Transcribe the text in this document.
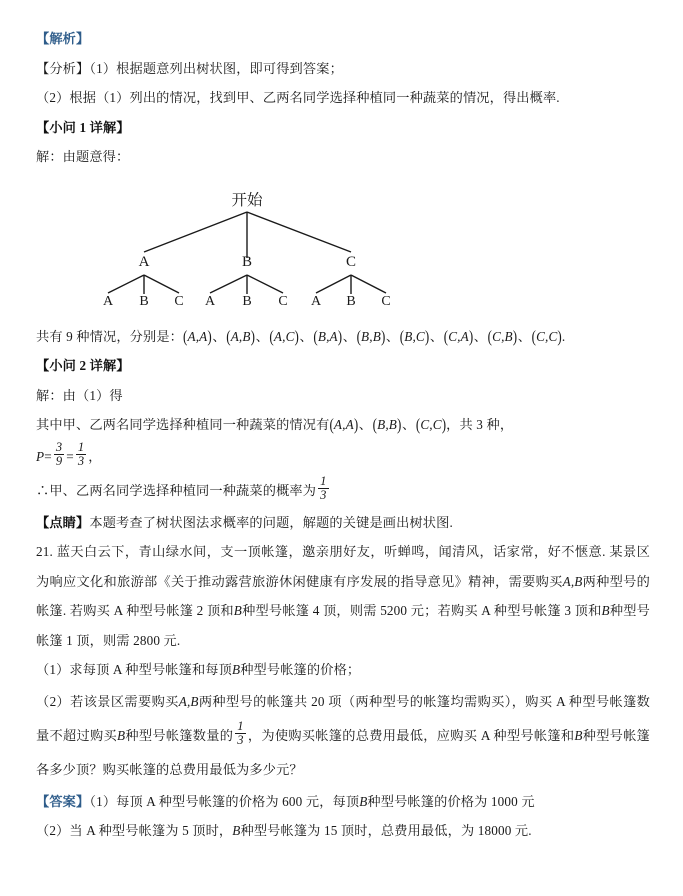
【解析】
【分析】（1）根据题意列出树状图，即可得到答案；
（2）根据（1）列出的情况，找到甲、乙两名同学选择种植同一种蔬菜的情况，得出概率.
【小问 1 详解】
解：由题意得：
开始
A	B	C
A B C A B C A B C
共有 9 种情况，分别是：(A,A)、(A,B)、(A,C)、(B,A)、(B,B)、(B,C)、(C,A)、(C,B)、(C,C).
【小问 2 详解】
解：由（1）得
其中甲、乙两名同学选择种植同一种蔬菜的情况有(A,A)、(B,B)、(C,C)，共 3 种，
$P= \frac{3}{9} = \frac{1}{3}$ ，
∴甲、乙两名同学选择种植同一种蔬菜的概率为 $\frac{1}{3}$
【点睛】本题考查了树状图法求概率的问题，解题的关键是画出树状图.
21. 蓝天白云下，青山绿水间，支一顶帐篷，邀亲朋好友，听蝉鸣，闻清风，话家常，好不惬意. 某景区为响应文化和旅游部《关于推动露营旅游休闲健康有序发展的指导意见》精神，需要购买A,B两种型号的帐篷. 若购买 A 种型号帐篷 2 顶和B种型号帐篷 4 顶，则需 5200 元；若购买 A 种型号帐篷 3 顶和B种型号帐篷 1 顶，则需 2800 元.
（1）求每顶 A 种型号帐篷和每顶B种型号帐篷的价格；
（2）若该景区需要购买A,B两种型号的帐篷共 20 项（两种型号的帐篷均需购买），购买 A 种型号帐篷数量不超过购买B种型号帐篷数量的 $\frac{1}{3}$ ，为使购买帐篷的总费用最低，应购买 A 种型号帐篷和B种型号帐篷各多少顶？购买帐篷的总费用最低为多少元？
【答案】（1）每顶 A 种型号帐篷的价格为 600 元，每顶B种型号帐篷的价格为 1000 元
（2）当 A 种型号帐篷为 5 顶时，B种型号帐篷为 15 顶时，总费用最低，为 18000 元.
